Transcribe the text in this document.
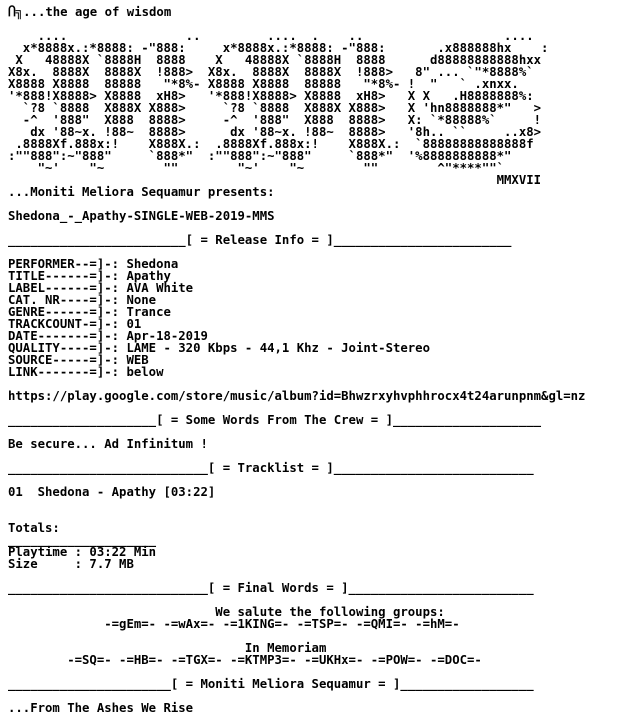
Ⴖ╗...the age of wisdom
....                ..         ....  .    ..                   ....
x*8888x.:*8888: -"888:     x*8888x.:*8888: -"888:       .x888888hx    :
X   48888X `8888H  8888    X   48888X `8888H  8888      d88888888888hxx
X8x.  8888X  8888X  !888>  X8x.  8888X  8888X  !888>   8" ... `"*8888%`
X8888 X8888  88888   "*8%- X8888 X8888  88888   "*8%- !  "   ` .xnxx.
'*888!X8888> X8888  xH8>   '*888!X8888> X8888  xH8>   X X   .H8888888%:
`?8 `8888  X888X X888>     `?8 `8888  X888X X888>   X 'hn8888888*"   >
-^  '888"  X888  8888>     -^  '888"  X888  8888>   X: `*88888%`     !
dx '88~x. !88~  8888>      dx '88~x. !88~  8888>   '8h.. ``     ..x8>
.8888Xf.888x:!    X888X.:  .8888Xf.888x:!    X888X.:  `88888888888888f
:""888":~"888"     `888*"  :""888":~"888"     `888*"  '%8888888888*"
"~'    "~        ""        "~'    "~        ""        ^"****""`
MMXVII
...Moniti Meliora Sequamur presents:
Shedona_-_Apathy-SINGLE-WEB-2019-MMS
________________________[ = Release Info = ]________________________
PERFORMER--=]-: Shedona
TITLE------=]-: Apathy
LABEL------=]-: AVA White
CAT. NR----=]-: None
GENRE------=]-: Trance
TRACKCOUNT-=]-: 01
DATE-------=]-: Apr-18-2019
QUALITY----=]-: LAME - 320 Kbps - 44,1 Khz - Joint-Stereo
SOURCE-----=]-: WEB
LINK-------=]-: below
https://play.google.com/store/music/album?id=Bhwzrxyhvphhrocx4t24arunpnm&gl=nz
____________________[ = Some Words From The Crew = ]____________________
Be secure... Ad Infinitum !
___________________________[ = Tracklist = ]___________________________
01  Shedona - Apathy [03:22]
Totals:
____________________
Playtime : 03:22 Min
Size     : 7.7 MB
___________________________[ = Final Words = ]_________________________
We salute the following groups:
-=gEm=- -=wAx=- -=1KING=- -=TSP=- -=QMI=- -=hM=-
In Memoriam
-=SQ=- -=HB=- -=TGX=- -=KTMP3=- -=UKHx=- -=POW=- -=DOC=-
______________________[ = Moniti Meliora Sequamur = ]__________________
...From The Ashes We Rise
